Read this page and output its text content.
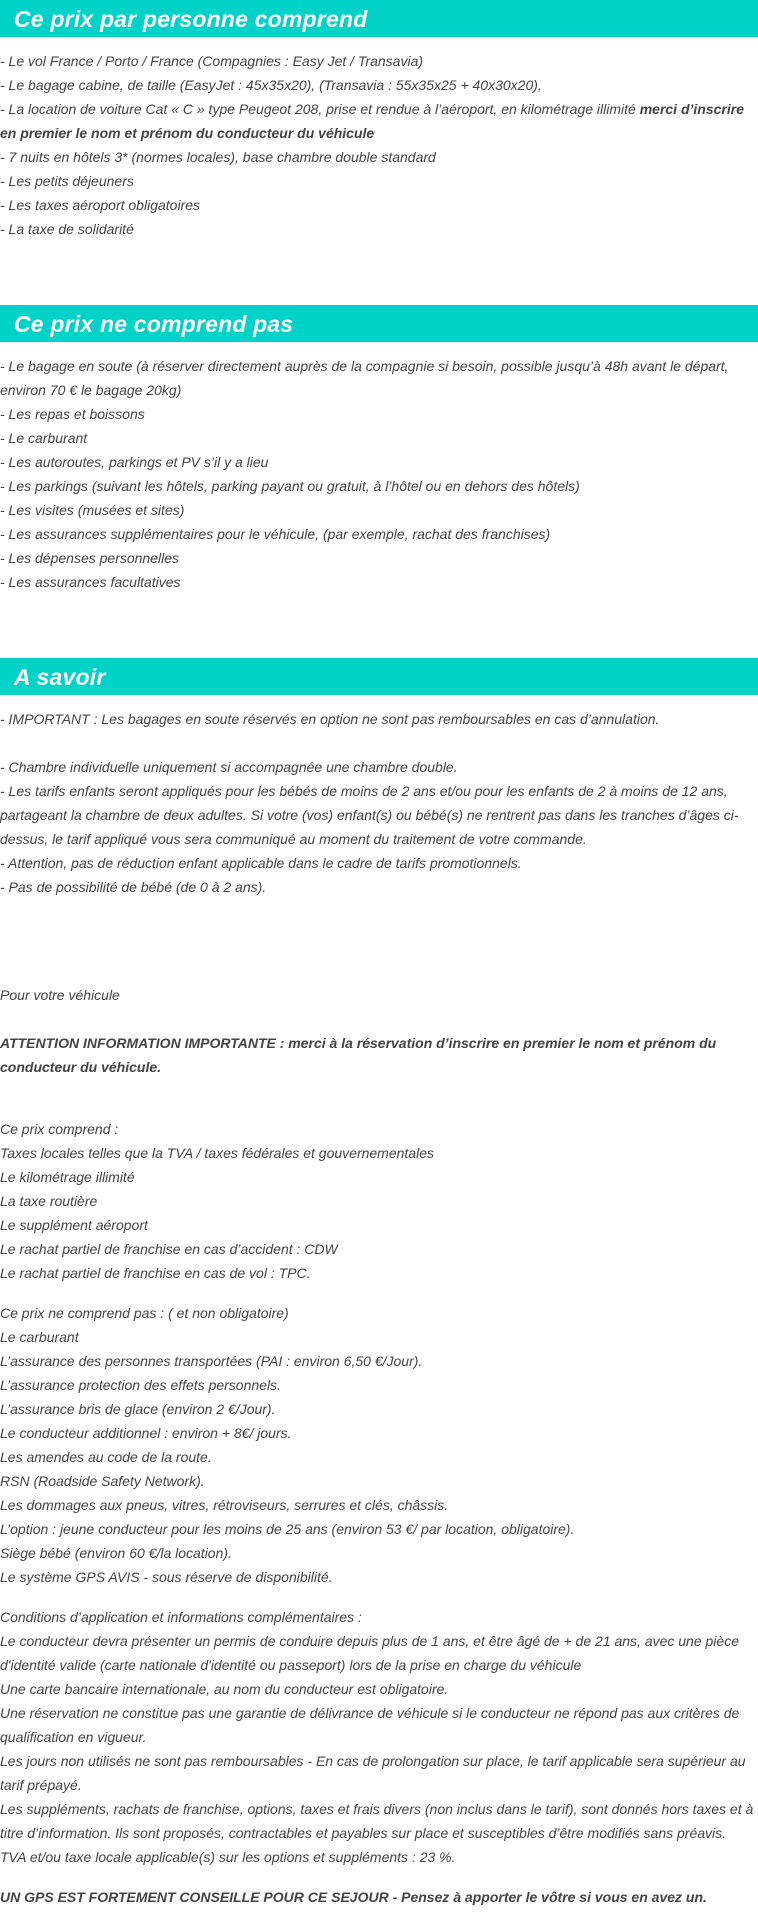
Ce prix par personne comprend
- Le vol France / Porto / France (Compagnies : Easy Jet / Transavia)
- Le bagage cabine, de taille (EasyJet : 45x35x20), (Transavia : 55x35x25 + 40x30x20),
- La location de voiture Cat « C » type Peugeot 208, prise et rendue à l’aéroport, en kilométrage illimité merci d’inscrire en premier le nom et prénom du conducteur du véhicule
- 7 nuits en hôtels 3* (normes locales), base chambre double standard
- Les petits déjeuners
- Les taxes aéroport obligatoires
- La taxe de solidarité
Ce prix ne comprend pas
- Le bagage en soute (à réserver directement auprès de la compagnie si besoin, possible jusqu’à 48h avant le départ, environ 70 € le bagage 20kg)
- Les repas et boissons
- Le carburant
- Les autoroutes, parkings et PV s’il y a lieu
- Les parkings (suivant les hôtels, parking payant ou gratuit, à l’hôtel ou en dehors des hôtels)
- Les visites (musées et sites)
- Les assurances supplémentaires pour le véhicule, (par exemple, rachat des franchises)
- Les dépenses personnelles
- Les assurances facultatives
A savoir
- IMPORTANT : Les bagages en soute réservés en option ne sont pas remboursables en cas d’annulation.
- Chambre individuelle uniquement si accompagnée une chambre double.
- Les tarifs enfants seront appliqués pour les bébés de moins de 2 ans et/ou pour les enfants de 2 à moins de 12 ans, partageant la chambre de deux adultes. Si votre (vos) enfant(s) ou bébé(s) ne rentrent pas dans les tranches d’âges ci-dessus, le tarif appliqué vous sera communiqué au moment du traitement de votre commande.
- Attention, pas de réduction enfant applicable dans le cadre de tarifs promotionnels.
- Pas de possibilité de bébé (de 0 à 2 ans).
Pour votre véhicule
ATTENTION INFORMATION IMPORTANTE : merci à la réservation d’inscrire en premier le nom et prénom du conducteur du véhicule.
Ce prix comprend :
Taxes locales telles que la TVA / taxes fédérales et gouvernementales
Le kilométrage illimité
La taxe routière
Le supplément aéroport
Le rachat partiel de franchise en cas d’accident : CDW
Le rachat partiel de franchise en cas de vol : TPC.
Ce prix ne comprend pas : ( et non obligatoire)
Le carburant
L’assurance des personnes transportées (PAI : environ 6,50 €/Jour).
L’assurance protection des effets personnels.
L’assurance bris de glace (environ 2 €/Jour).
Le conducteur additionnel : environ + 8€/ jours.
Les amendes au code de la route.
RSN (Roadside Safety Network).
Les dommages aux pneus, vitres, rétroviseurs, serrures et clés, châssis.
L’option : jeune conducteur pour les moins de 25 ans (environ 53 €/ par location, obligatoire).
Siège bébé (environ 60 €/la location).
Le système GPS AVIS - sous réserve de disponibilité.
Conditions d’application et informations complémentaires :
Le conducteur devra présenter un permis de conduire depuis plus de 1 ans, et être âgé de + de 21 ans, avec une pièce d'identité valide (carte nationale d'identité ou passeport) lors de la prise en charge du véhicule
Une carte bancaire internationale, au nom du conducteur est obligatoire.
Une réservation ne constitue pas une garantie de délivrance de véhicule si le conducteur ne répond pas aux critères de qualification en vigueur.
Les jours non utilisés ne sont pas remboursables - En cas de prolongation sur place, le tarif applicable sera supérieur au tarif prépayé.
Les suppléments, rachats de franchise, options, taxes et frais divers (non inclus dans le tarif), sont donnés hors taxes et à titre d’information. Ils sont proposés, contractables et payables sur place et susceptibles d’être modifiés sans préavis.
TVA et/ou taxe locale applicable(s) sur les options et suppléments : 23 %.
UN GPS EST FORTEMENT CONSEILLE POUR CE SEJOUR - Pensez à apporter le vôtre si vous en avez un.
